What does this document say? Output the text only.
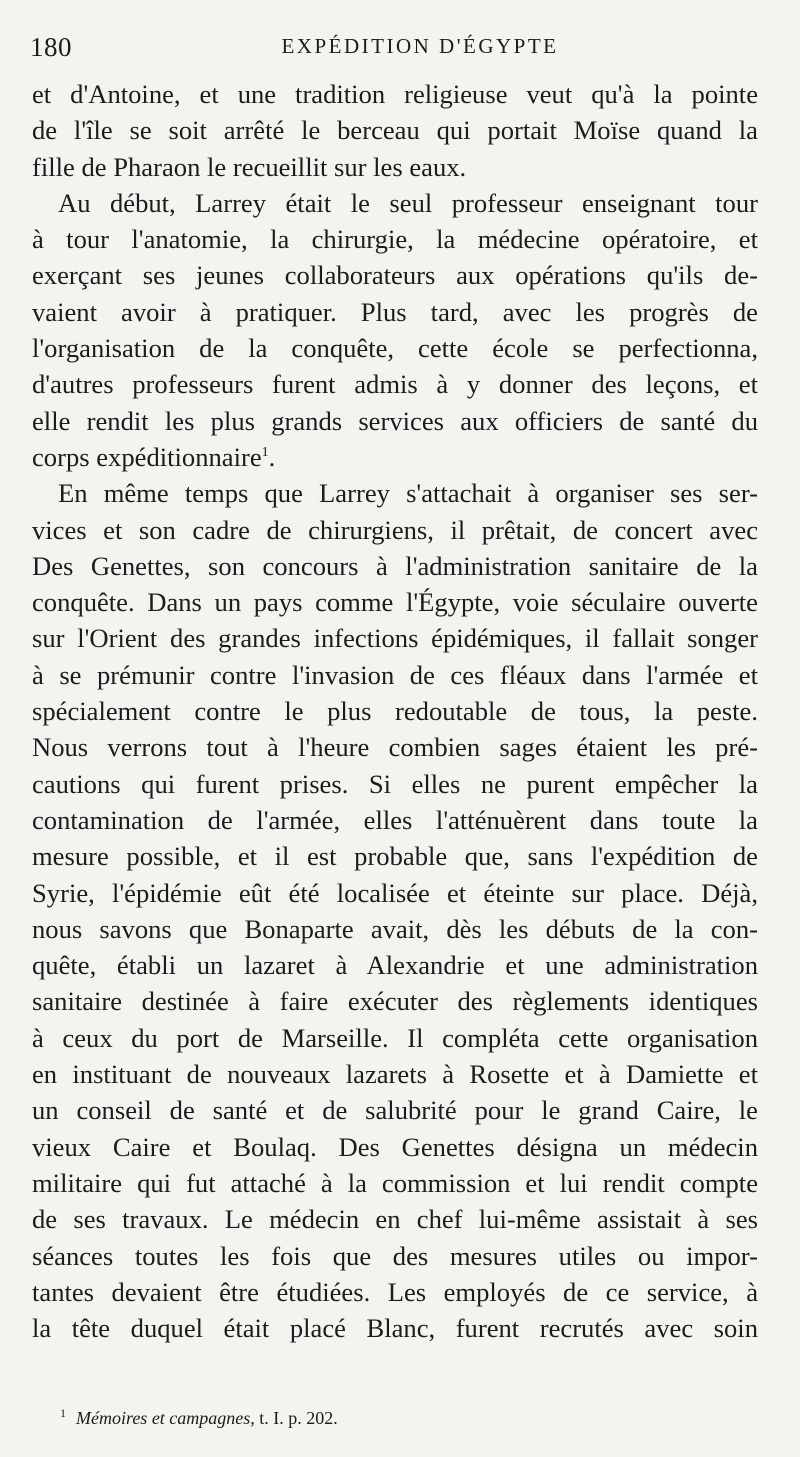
180	EXPÉDITION D'ÉGYPTE
et d'Antoine, et une tradition religieuse veut qu'à la pointe
de l'île se soit arrêté le berceau qui portait Moïse quand la
fille de Pharaon le recueillit sur les eaux.
Au début, Larrey était le seul professeur enseignant tour
à tour l'anatomie, la chirurgie, la médecine opératoire, et
exerçant ses jeunes collaborateurs aux opérations qu'ils de-
vaient avoir à pratiquer. Plus tard, avec les progrès de
l'organisation de la conquête, cette école se perfectionna,
d'autres professeurs furent admis à y donner des leçons, et
elle rendit les plus grands services aux officiers de santé du
corps expéditionnaire$^1$.
En même temps que Larrey s'attachait à organiser ses ser-
vices et son cadre de chirurgiens, il prêtait, de concert avec
Des Genettes, son concours à l'administration sanitaire de la
conquête. Dans un pays comme l'Égypte, voie séculaire ouverte
sur l'Orient des grandes infections épidémiques, il fallait songer
à se prémunir contre l'invasion de ces fléaux dans l'armée et
spécialement contre le plus redoutable de tous, la peste.
Nous verrons tout à l'heure combien sages étaient les pré-
cautions qui furent prises. Si elles ne purent empêcher la
contamination de l'armée, elles l'atténuèrent dans toute la
mesure possible, et il est probable que, sans l'expédition de
Syrie, l'épidémie eût été localisée et éteinte sur place. Déjà,
nous savons que Bonaparte avait, dès les débuts de la con-
quête, établi un lazaret à Alexandrie et une administration
sanitaire destinée à faire exécuter des règlements identiques
à ceux du port de Marseille. Il compléta cette organisation
en instituant de nouveaux lazarets à Rosette et à Damiette et
un conseil de santé et de salubrité pour le grand Caire, le
vieux Caire et Boulaq. Des Genettes désigna un médecin
militaire qui fut attaché à la commission et lui rendit compte
de ses travaux. Le médecin en chef lui-même assistait à ses
séances toutes les fois que des mesures utiles ou impor-
tantes devaient être étudiées. Les employés de ce service, à
la tête duquel était placé Blanc, furent recrutés avec soin
$^1$ Mémoires et campagnes, t. I. p. 202.
